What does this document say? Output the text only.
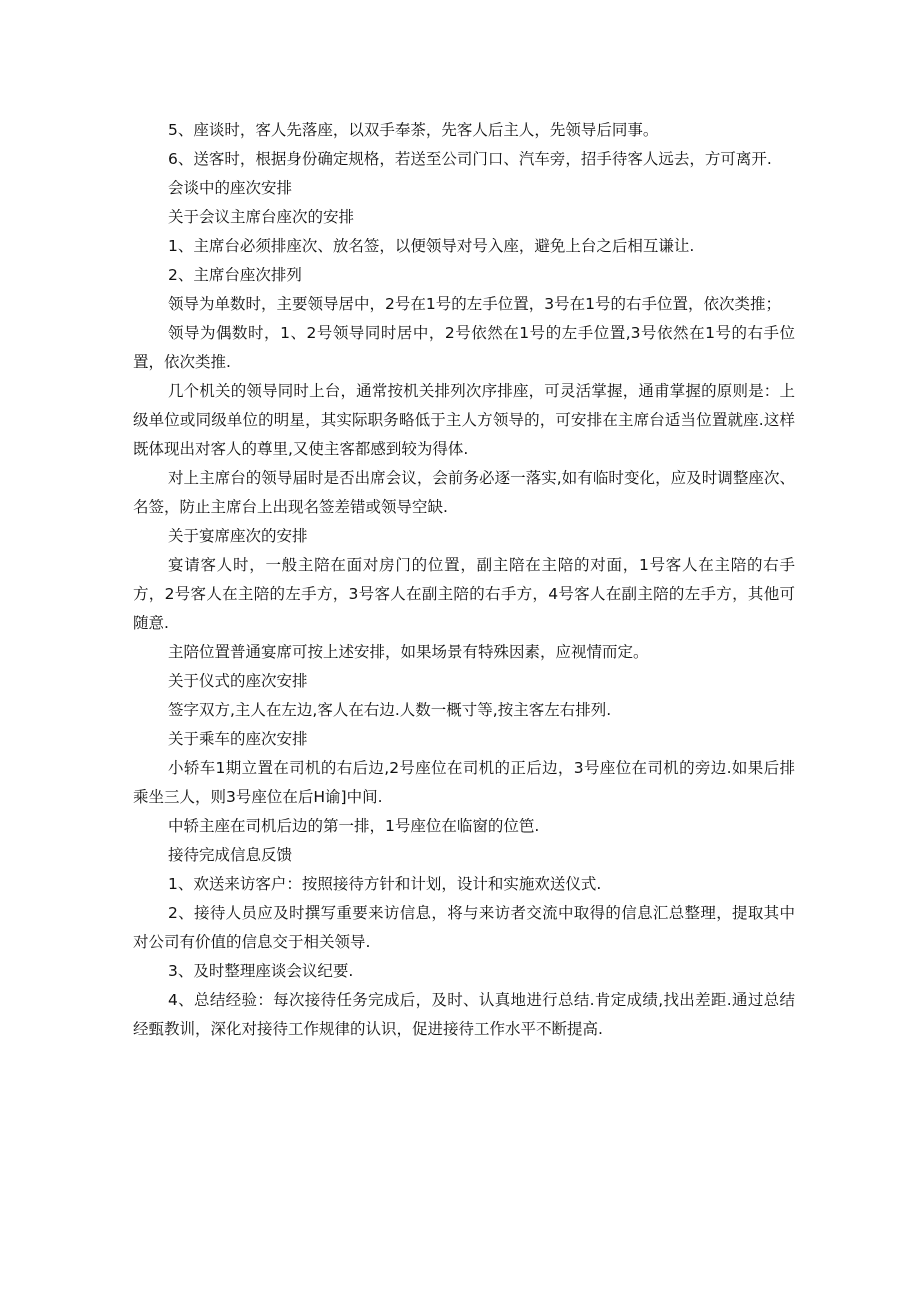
5、座谈时，客人先落座，以双手奉茶，先客人后主人，先领导后同事。

6、送客时，根据身份确定规格，若送至公司门口、汽车旁，招手待客人远去，方可离开.

会谈中的座次安排

关于会议主席台座次的安排

1、主席台必须排座次、放名签，以便领导对号入座，避免上台之后相互谦让.

2、主席台座次排列

领导为单数时，主要领导居中，2号在1号的左手位置，3号在1号的右手位置，依次类推；

领导为偶数时，1、2号领导同时居中，2号依然在1号的左手位置,3号依然在1号的右手位置，依次类推.

几个机关的领导同时上台，通常按机关排列次序排座，可灵活掌握，通甫掌握的原则是：上级单位或同级单位的明星，其实际职务略低于主人方领导的，可安排在主席台适当位置就座.这样既体现出对客人的尊里,又使主客都感到较为得体.

对上主席台的领导届时是否出席会议，会前务必逐一落实,如有临时变化，应及时调整座次、名签，防止主席台上出现名签差错或领导空缺.

关于宴席座次的安排

宴请客人时，一般主陪在面对房门的位置，副主陪在主陪的对面，1号客人在主陪的右手方，2号客人在主陪的左手方，3号客人在副主陪的右手方，4号客人在副主陪的左手方，其他可随意.

主陪位置普通宴席可按上述安排，如果场景有特殊因素，应视情而定。

关于仪式的座次安排

签字双方,主人在左边,客人在右边.人数一概寸等,按主客左右排列.

关于乘车的座次安排

小轿车1期立置在司机的右后边,2号座位在司机的正后边，3号座位在司机的旁边.如果后排乘坐三人，则3号座位在后H谕]中间.

中轿主座在司机后边的第一排，1号座位在临窗的位笆.

接待完成信息反馈

1、欢送来访客户：按照接待方针和计划，设计和实施欢送仪式.

2、接待人员应及时撰写重要来访信息，将与来访者交流中取得的信息汇总整理，提取其中对公司有价值的信息交于相关领导.

3、及时整理座谈会议纪要.

4、总结经验：每次接待任务完成后，及时、认真地进行总结.肯定成绩,找出差距.通过总结经甄教训，深化对接待工作规律的认识，促进接待工作水平不断提高.
